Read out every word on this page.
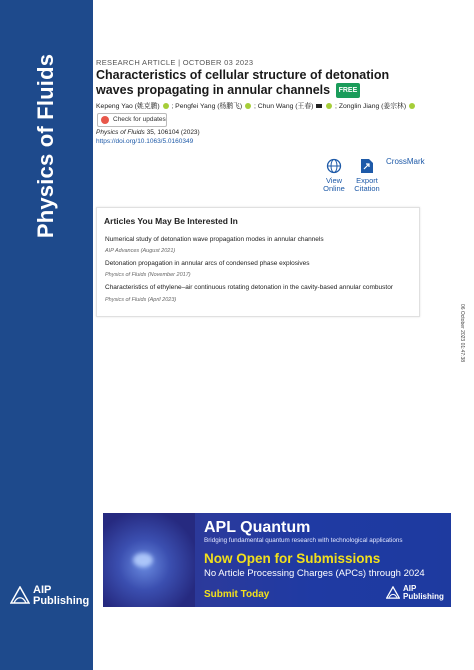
Physics of Fluids
AIP
Publishing
RESEARCH ARTICLE | OCTOBER 03 2023
Characteristics of cellular structure of detonation waves propagating in annular channels FREE
Kepeng Yao (姚克鹏)  ; Pengfei Yang (杨鹏飞)  ; Chun Wang (王春)	; Zonglin Jiang (姜宗林)
Check for updates
Physics of Fluids 35, 106104 (2023)
https://doi.org/10.1063/5.0160349
View
Online
Export
Citation
CrossMark
Articles You May Be Interested In
Numerical study of detonation wave propagation modes in annular channels
AIP Advances (August 2021)
Detonation propagation in annular arcs of condensed phase explosives
Physics of Fluids (November 2017)
Characteristics of ethylene–air continuous rotating detonation in the cavity-based annular combustor
Physics of Fluids (April 2023)
06 October 2023 01:47:38
APL Quantum
Bridging fundamental quantum research with technological applications
Now Open for Submissions
No Article Processing Charges (APCs) through 2024
Submit Today
AIP
Publishing
